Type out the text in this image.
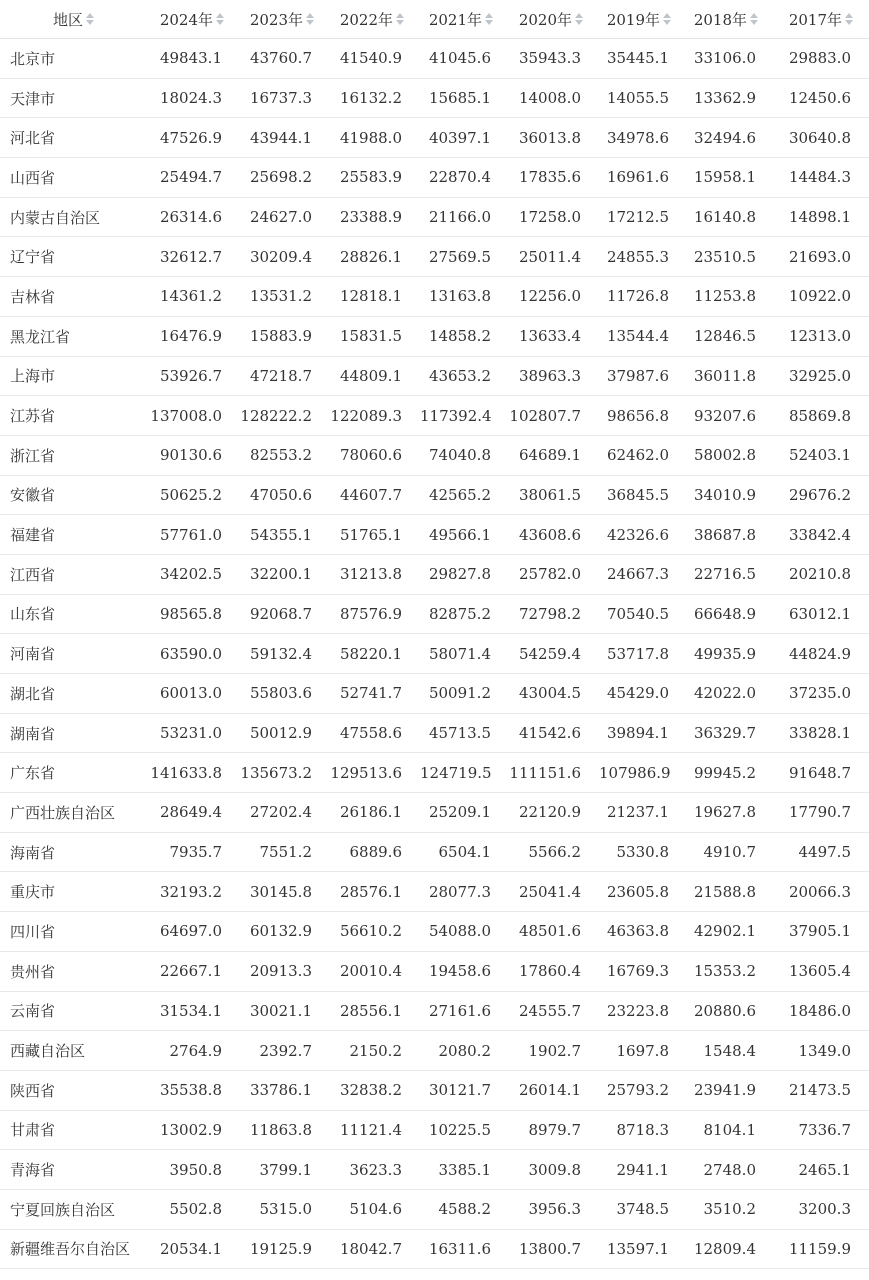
地区	2024年	2023年	2022年	2021年	2020年	2019年	2018年	2017年

北京市	49843.1	43760.7	41540.9	41045.6	35943.3	35445.1	33106.0	29883.0
天津市	18024.3	16737.3	16132.2	15685.1	14008.0	14055.5	13362.9	12450.6
河北省	47526.9	43944.1	41988.0	40397.1	36013.8	34978.6	32494.6	30640.8
山西省	25494.7	25698.2	25583.9	22870.4	17835.6	16961.6	15958.1	14484.3
内蒙古自治区	26314.6	24627.0	23388.9	21166.0	17258.0	17212.5	16140.8	14898.1
辽宁省	32612.7	30209.4	28826.1	27569.5	25011.4	24855.3	23510.5	21693.0
吉林省	14361.2	13531.2	12818.1	13163.8	12256.0	11726.8	11253.8	10922.0
黑龙江省	16476.9	15883.9	15831.5	14858.2	13633.4	13544.4	12846.5	12313.0
上海市	53926.7	47218.7	44809.1	43653.2	38963.3	37987.6	36011.8	32925.0
江苏省	137008.0	128222.2	122089.3	117392.4	102807.7	98656.8	93207.6	85869.8
浙江省	90130.6	82553.2	78060.6	74040.8	64689.1	62462.0	58002.8	52403.1
安徽省	50625.2	47050.6	44607.7	42565.2	38061.5	36845.5	34010.9	29676.2
福建省	57761.0	54355.1	51765.1	49566.1	43608.6	42326.6	38687.8	33842.4
江西省	34202.5	32200.1	31213.8	29827.8	25782.0	24667.3	22716.5	20210.8
山东省	98565.8	92068.7	87576.9	82875.2	72798.2	70540.5	66648.9	63012.1
河南省	63590.0	59132.4	58220.1	58071.4	54259.4	53717.8	49935.9	44824.9
湖北省	60013.0	55803.6	52741.7	50091.2	43004.5	45429.0	42022.0	37235.0
湖南省	53231.0	50012.9	47558.6	45713.5	41542.6	39894.1	36329.7	33828.1
广东省	141633.8	135673.2	129513.6	124719.5	111151.6	107986.9	99945.2	91648.7
广西壮族自治区	28649.4	27202.4	26186.1	25209.1	22120.9	21237.1	19627.8	17790.7
海南省	7935.7	7551.2	6889.6	6504.1	5566.2	5330.8	4910.7	4497.5
重庆市	32193.2	30145.8	28576.1	28077.3	25041.4	23605.8	21588.8	20066.3
四川省	64697.0	60132.9	56610.2	54088.0	48501.6	46363.8	42902.1	37905.1
贵州省	22667.1	20913.3	20010.4	19458.6	17860.4	16769.3	15353.2	13605.4
云南省	31534.1	30021.1	28556.1	27161.6	24555.7	23223.8	20880.6	18486.0
西藏自治区	2764.9	2392.7	2150.2	2080.2	1902.7	1697.8	1548.4	1349.0
陕西省	35538.8	33786.1	32838.2	30121.7	26014.1	25793.2	23941.9	21473.5
甘肃省	13002.9	11863.8	11121.4	10225.5	8979.7	8718.3	8104.1	7336.7
青海省	3950.8	3799.1	3623.3	3385.1	3009.8	2941.1	2748.0	2465.1
宁夏回族自治区	5502.8	5315.0	5104.6	4588.2	3956.3	3748.5	3510.2	3200.3
新疆维吾尔自治区	20534.1	19125.9	18042.7	16311.6	13800.7	13597.1	12809.4	11159.9
